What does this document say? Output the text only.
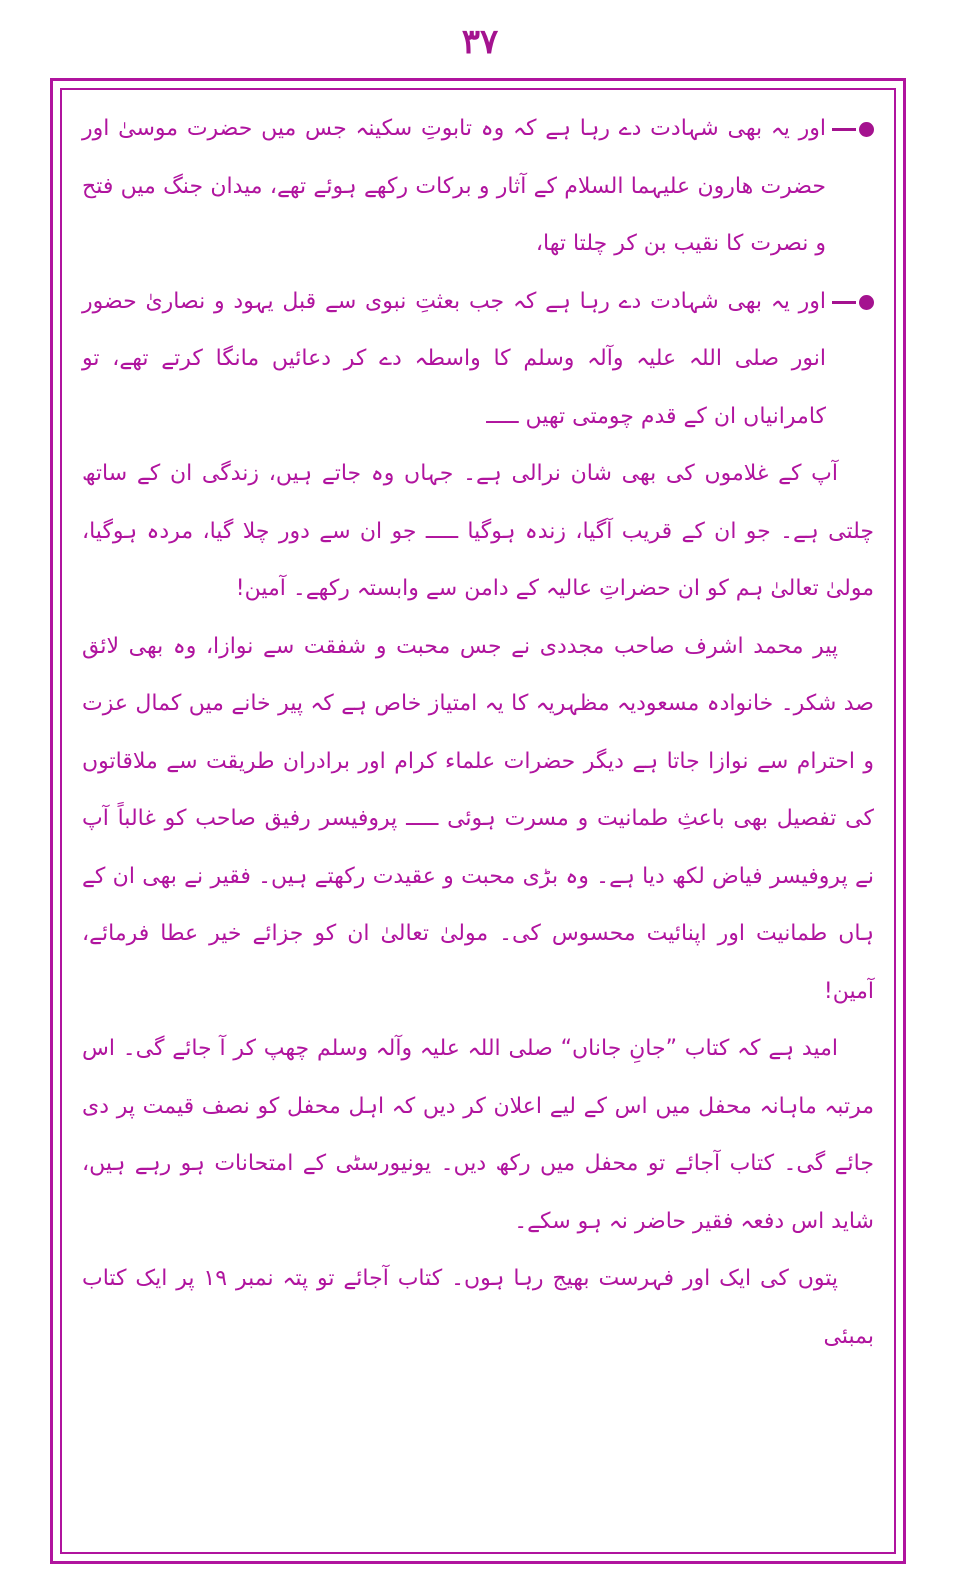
۳۷

اور یہ بھی شہادت دے رہا ہے کہ وہ تابوتِ سکینہ جس میں حضرت موسیٰ اور حضرت ھارون علیہما السلام کے آثار و برکات رکھے ہوئے تھے، میدان جنگ میں فتح و نصرت کا نقیب بن کر چلتا تھا،

اور یہ بھی شہادت دے رہا ہے کہ جب بعثتِ نبوی سے قبل یہود و نصاریٰ حضور انور صلی اللہ علیہ وآلہ وسلم کا واسطہ دے کر دعائیں مانگا کرتے تھے، تو کامرانیاں ان کے قدم چومتی تھیں ـــــ

آپ کے غلاموں کی بھی شان نرالی ہے۔ جہاں وہ جاتے ہیں، زندگی ان کے ساتھ چلتی ہے۔ جو ان کے قریب آگیا، زندہ ہوگیا ـــــ جو ان سے دور چلا گیا، مردہ ہوگیا، مولیٰ تعالیٰ ہم کو ان حضراتِ عالیہ کے دامن سے وابستہ رکھے۔ آمین!

پیر محمد اشرف صاحب مجددی نے جس محبت و شفقت سے نوازا، وہ بھی لائق صد شکر۔ خانوادہ مسعودیہ مظہریہ کا یہ امتیاز خاص ہے کہ پیر خانے میں کمال عزت و احترام سے نوازا جاتا ہے دیگر حضرات علماء کرام اور برادران طریقت سے ملاقاتوں کی تفصیل بھی باعثِ طمانیت و مسرت ہوئی ـــــ پروفیسر رفیق صاحب کو غالباً آپ نے پروفیسر فیاض لکھ دیا ہے۔ وہ بڑی محبت و عقیدت رکھتے ہیں۔ فقیر نے بھی ان کے ہاں طمانیت اور اپنائیت محسوس کی۔ مولیٰ تعالیٰ ان کو جزائے خیر عطا فرمائے، آمین!

امید ہے کہ کتاب ”جانِ جاناں“ صلی اللہ علیہ وآلہ وسلم چھپ کر آ جائے گی۔ اس مرتبہ ماہانہ محفل میں اس کے لیے اعلان کر دیں کہ اہل محفل کو نصف قیمت پر دی جائے گی۔ کتاب آجائے تو محفل میں رکھ دیں۔ یونیورسٹی کے امتحانات ہو رہے ہیں، شاید اس دفعہ فقیر حاضر نہ ہو سکے۔

پتوں کی ایک اور فہرست بھیج رہا ہوں۔ کتاب آجائے تو پتہ نمبر ۱۹ پر ایک کتاب بمبئی
